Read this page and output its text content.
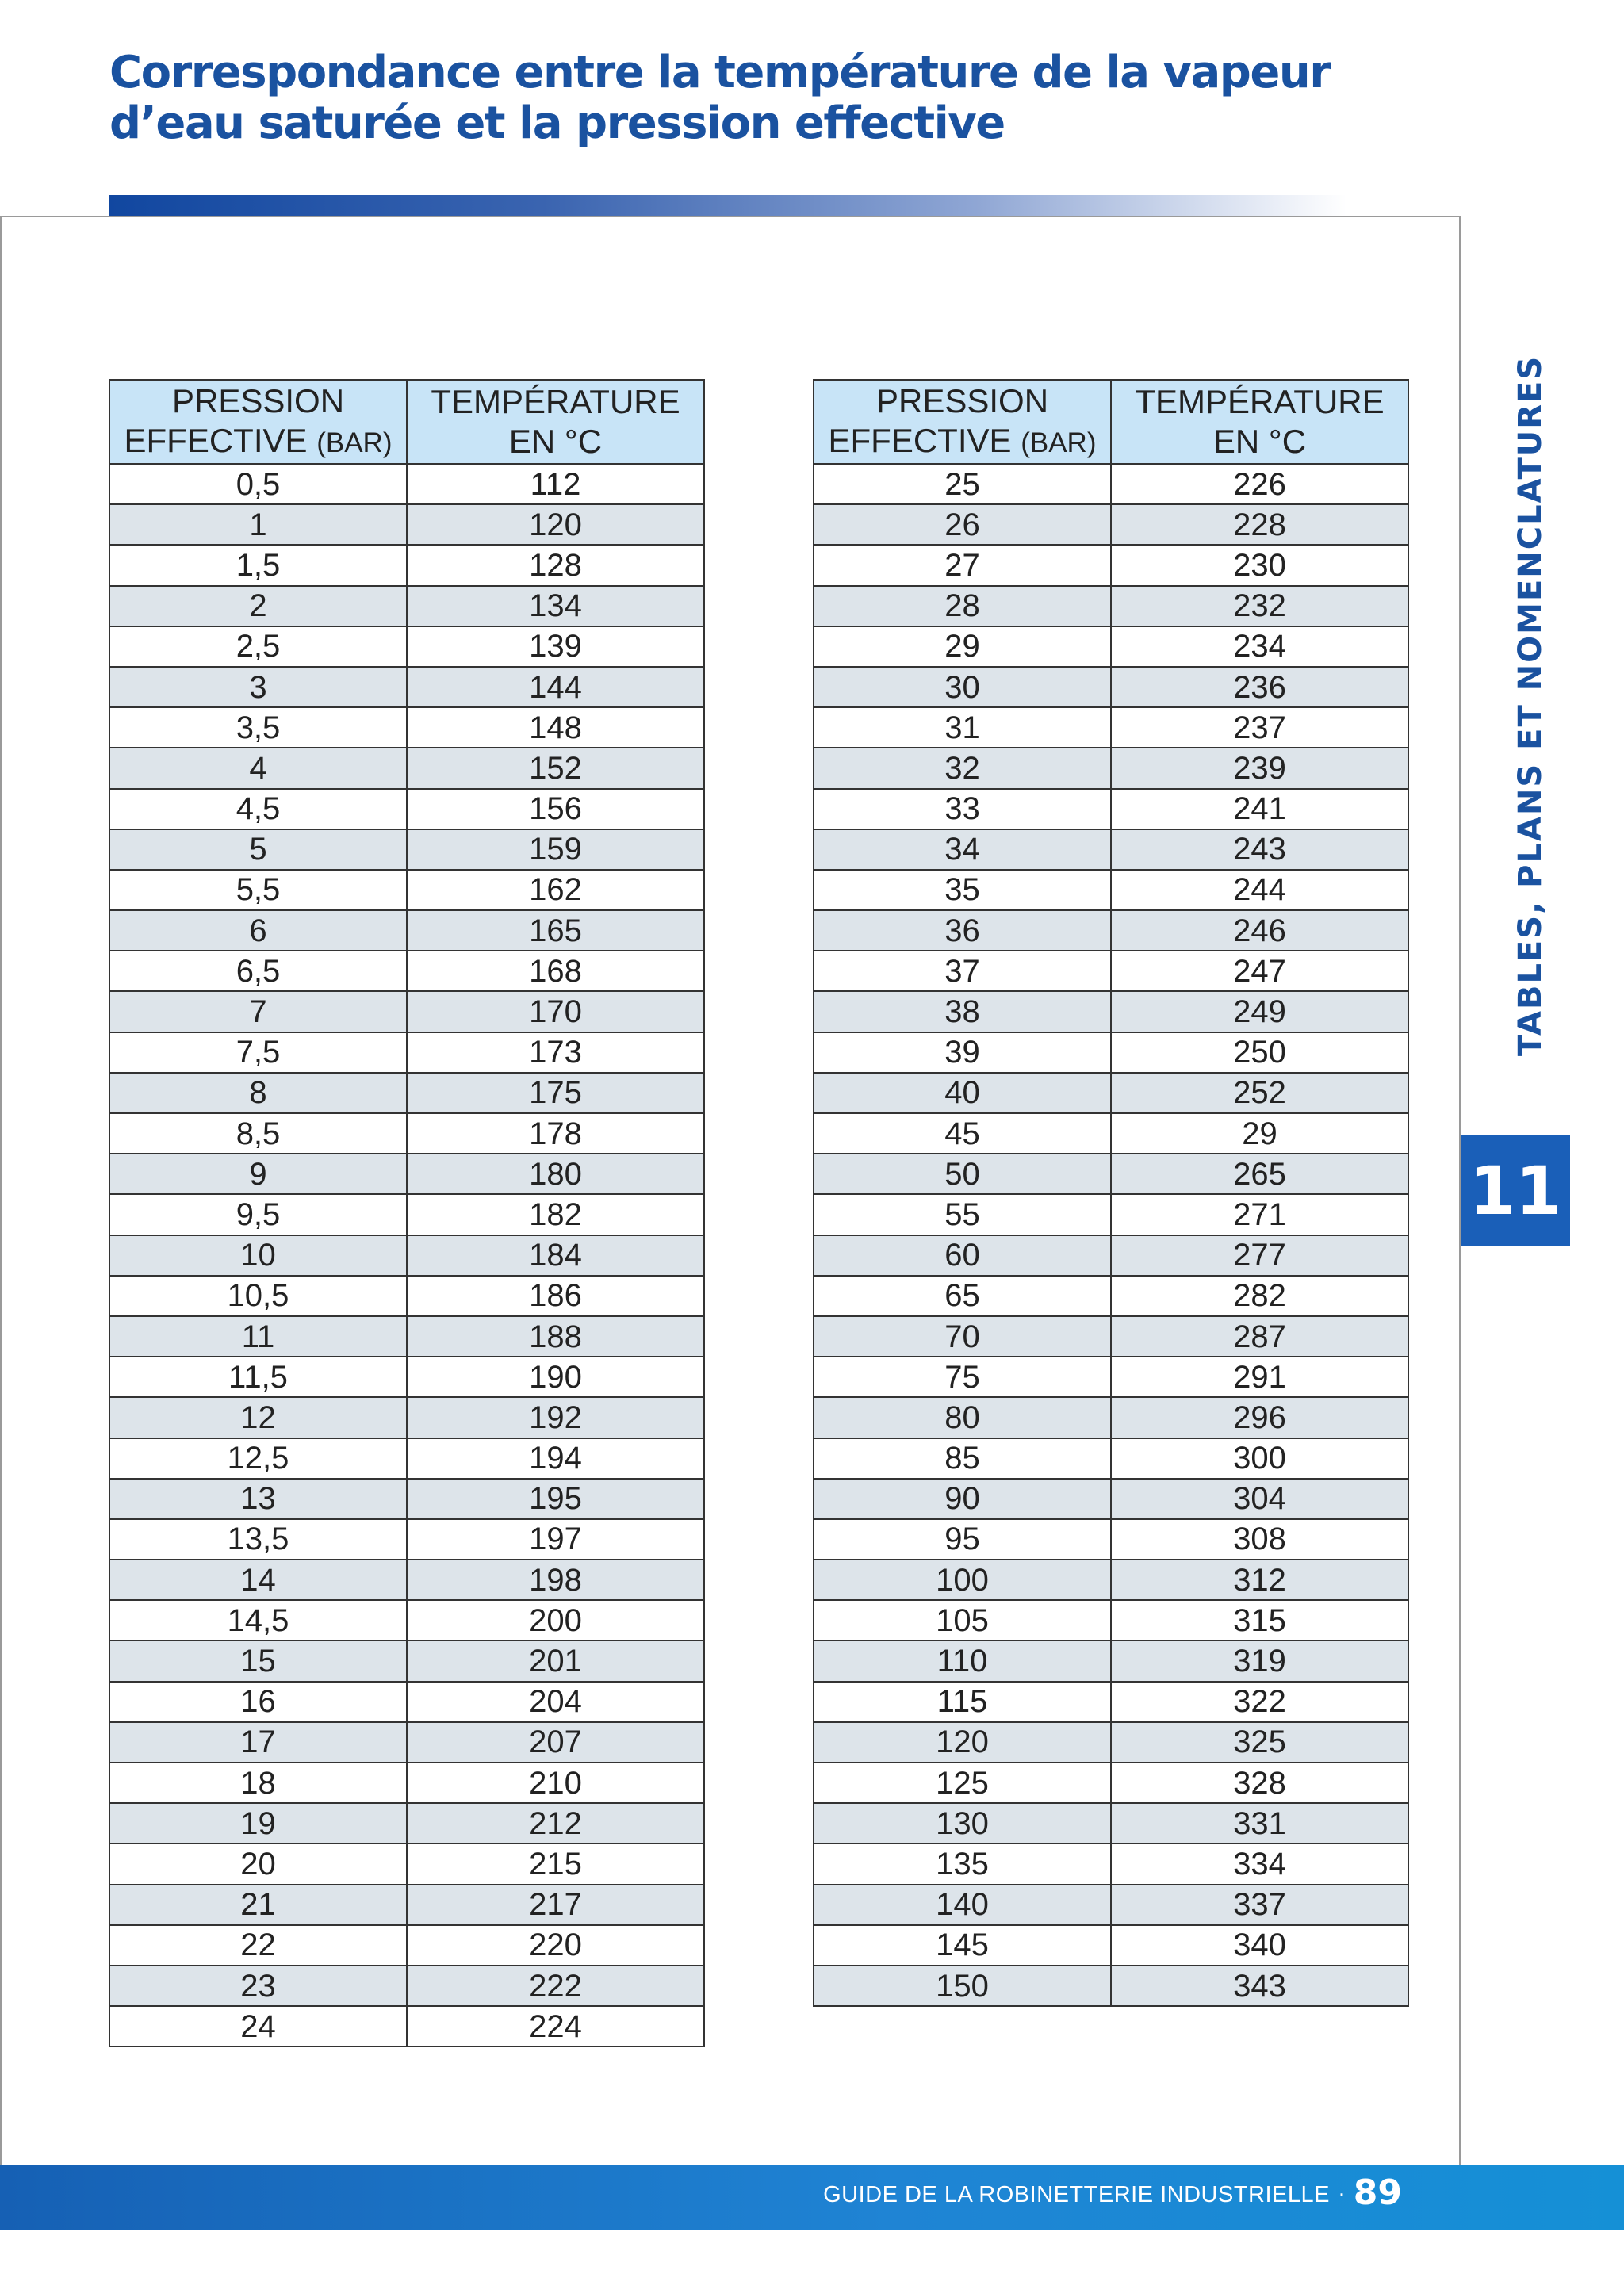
Correspondance entre la température de la vapeur d’eau saturée et la pression effective
TABLES, PLANS ET NOMENCLATURES
11
PRESSION
EFFECTIVE (BAR)	TEMPÉRATURE
EN °C
0,5	112
1	120
1,5	128
2	134
2,5	139
3	144
3,5	148
4	152
4,5	156
5	159
5,5	162
6	165
6,5	168
7	170
7,5	173
8	175
8,5	178
9	180
9,5	182
10	184
10,5	186
11	188
11,5	190
12	192
12,5	194
13	195
13,5	197
14	198
14,5	200
15	201
16	204
17	207
18	210
19	212
20	215
21	217
22	220
23	222
24	224
PRESSION
EFFECTIVE (BAR)	TEMPÉRATURE
EN °C
25	226
26	228
27	230
28	232
29	234
30	236
31	237
32	239
33	241
34	243
35	244
36	246
37	247
38	249
39	250
40	252
45	29
50	265
55	271
60	277
65	282
70	287
75	291
80	296
85	300
90	304
95	308
100	312
105	315
110	319
115	322
120	325
125	328
130	331
135	334
140	337
145	340
150	343
GUIDE DE LA ROBINETTERIE INDUSTRIELLE · 89
